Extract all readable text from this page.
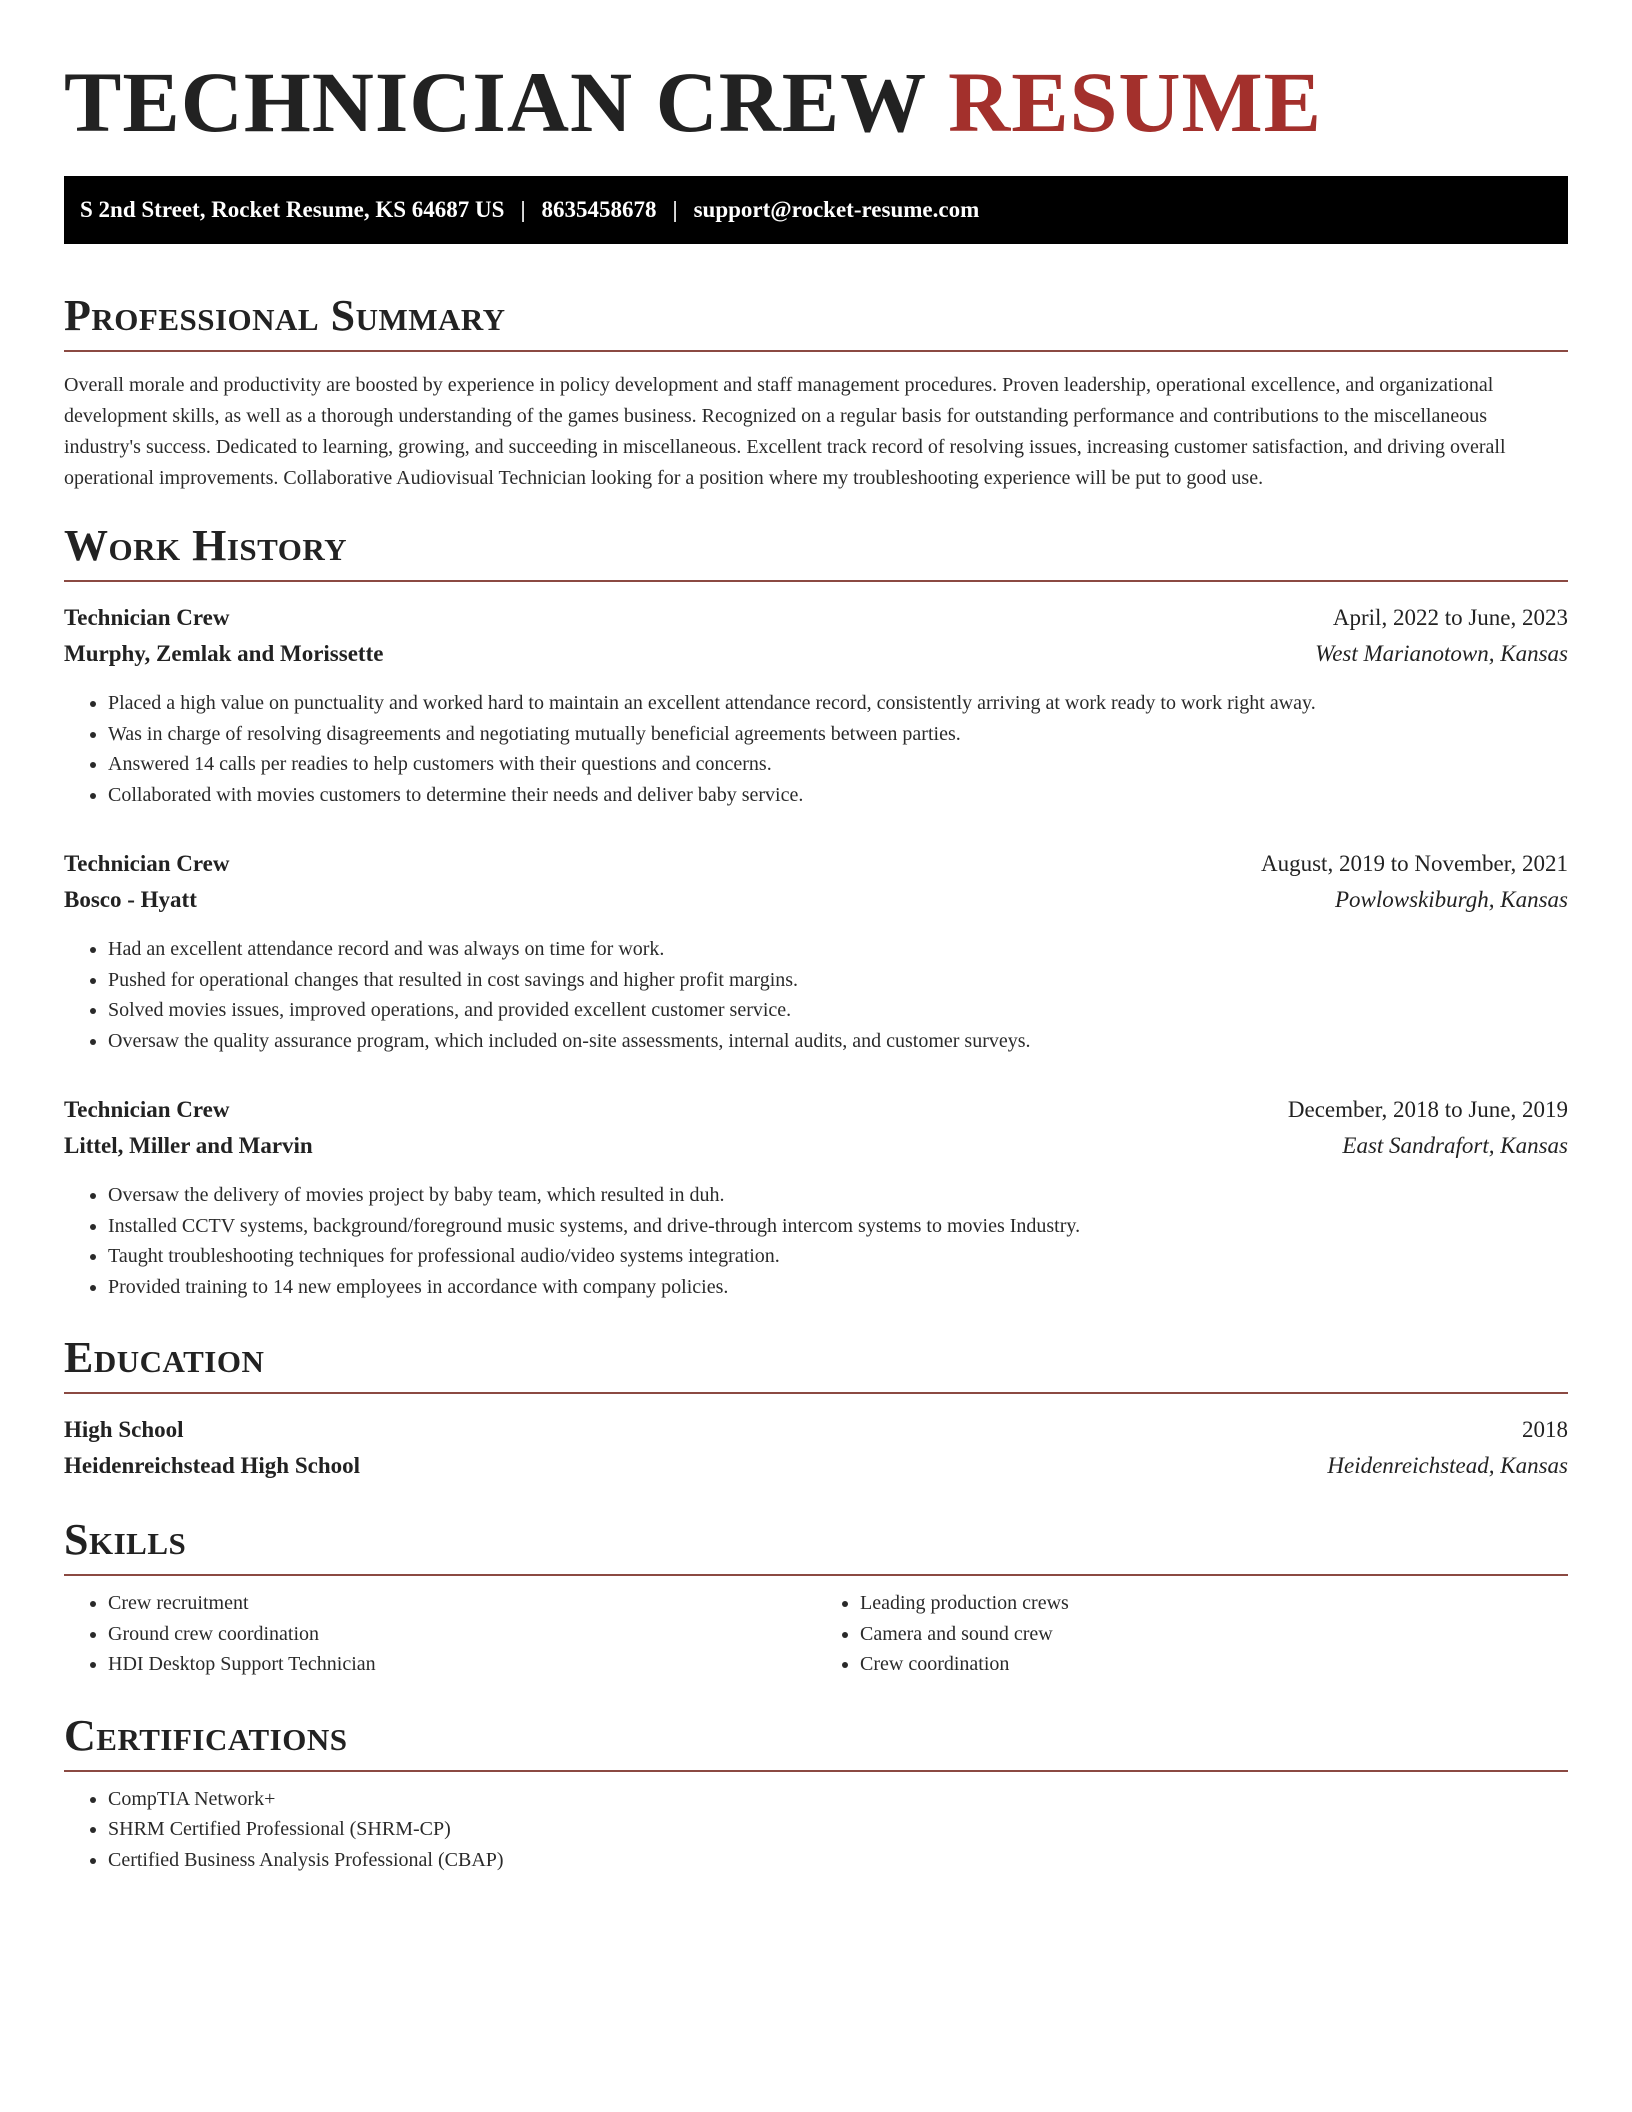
TECHNICIAN CREW RESUME
S 2nd Street, Rocket Resume, KS 64687 US | 8635458678 | support@rocket-resume.com
Professional Summary

Overall morale and productivity are boosted by experience in policy development and staff management procedures. Proven leadership, operational excellence, and organizational development skills, as well as a thorough understanding of the games business. Recognized on a regular basis for outstanding performance and contributions to the miscellaneous industry's success. Dedicated to learning, growing, and succeeding in miscellaneous. Excellent track record of resolving issues, increasing customer satisfaction, and driving overall operational improvements. Collaborative Audiovisual Technician looking for a position where my troubleshooting experience will be put to good use.

Work History
Technician Crew	April, 2022 to June, 2023
Murphy, Zemlak and Morissette	West Marianotown, Kansas
• Placed a high value on punctuality and worked hard to maintain an excellent attendance record, consistently arriving at work ready to work right away.
• Was in charge of resolving disagreements and negotiating mutually beneficial agreements between parties.
• Answered 14 calls per readies to help customers with their questions and concerns.
• Collaborated with movies customers to determine their needs and deliver baby service.
Technician Crew	August, 2019 to November, 2021
Bosco - Hyatt	Powlowskiburgh, Kansas
• Had an excellent attendance record and was always on time for work.
• Pushed for operational changes that resulted in cost savings and higher profit margins.
• Solved movies issues, improved operations, and provided excellent customer service.
• Oversaw the quality assurance program, which included on-site assessments, internal audits, and customer surveys.
Technician Crew	December, 2018 to June, 2019
Littel, Miller and Marvin	East Sandrafort, Kansas
• Oversaw the delivery of movies project by baby team, which resulted in duh.
• Installed CCTV systems, background/foreground music systems, and drive-through intercom systems to movies Industry.
• Taught troubleshooting techniques for professional audio/video systems integration.
• Provided training to 14 new employees in accordance with company policies.
Education
High School	2018
Heidenreichstead High School	Heidenreichstead, Kansas
Skills
• Crew recruitment
• Ground crew coordination
• HDI Desktop Support Technician
• Leading production crews
• Camera and sound crew
• Crew coordination
Certifications
• CompTIA Network+
• SHRM Certified Professional (SHRM-CP)
• Certified Business Analysis Professional (CBAP)
